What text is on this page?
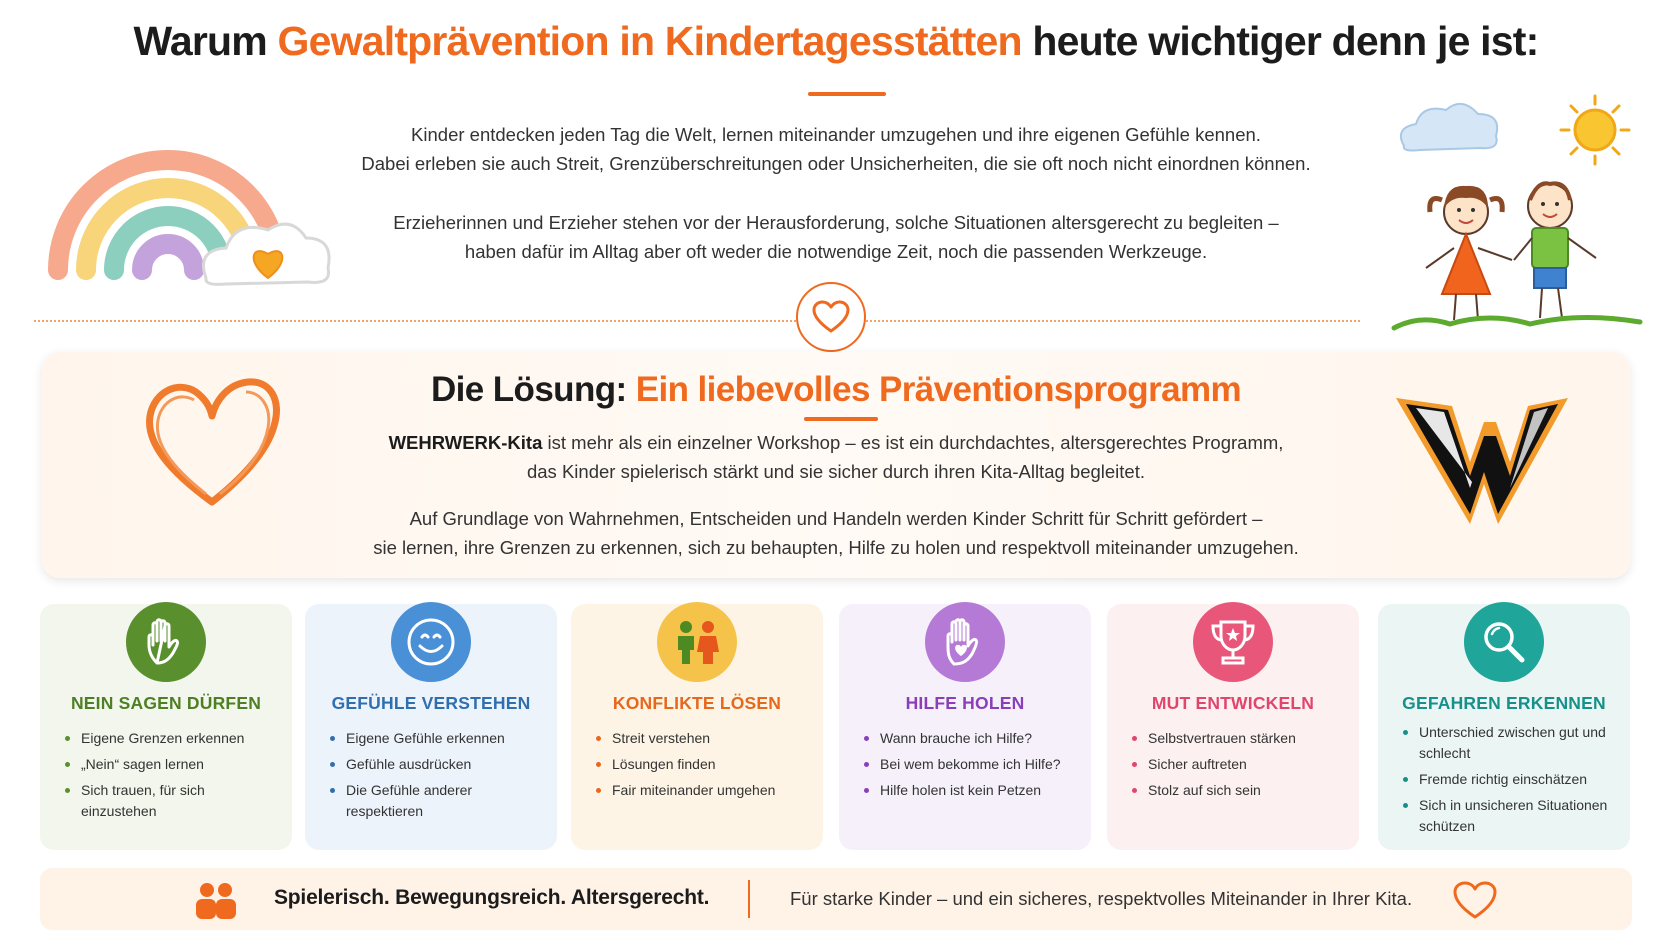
Warum Gewaltprävention in Kindertagesstätten heute wichtiger denn je ist:
Kinder entdecken jeden Tag die Welt, lernen miteinander umzugehen und ihre eigenen Gefühle kennen.
Dabei erleben sie auch Streit, Grenzüberschreitungen oder Unsicherheiten, die sie oft noch nicht einordnen können.
Erzieherinnen und Erzieher stehen vor der Herausforderung, solche Situationen altersgerecht zu begleiten –
haben dafür im Alltag aber oft weder die notwendige Zeit, noch die passenden Werkzeuge.
Die Lösung: Ein liebevolles Präventionsprogramm
WEHRWERK-Kita ist mehr als ein einzelner Workshop – es ist ein durchdachtes, altersgerechtes Programm,
das Kinder spielerisch stärkt und sie sicher durch ihren Kita-Alltag begleitet.
Auf Grundlage von Wahrnehmen, Entscheiden und Handeln werden Kinder Schritt für Schritt gefördert –
sie lernen, ihre Grenzen zu erkennen, sich zu behaupten, Hilfe zu holen und respektvoll miteinander umzugehen.
NEIN SAGEN DÜRFEN
Eigene Grenzen erkennen
„Nein“ sagen lernen
Sich trauen, für sich einzustehen
GEFÜHLE VERSTEHEN
Eigene Gefühle erkennen
Gefühle ausdrücken
Die Gefühle anderer respektieren
KONFLIKTE LÖSEN
Streit verstehen
Lösungen finden
Fair miteinander umgehen
HILFE HOLEN
Wann brauche ich Hilfe?
Bei wem bekomme ich Hilfe?
Hilfe holen ist kein Petzen
MUT ENTWICKELN
Selbstvertrauen stärken
Sicher auftreten
Stolz auf sich sein
GEFAHREN ERKENNEN
Unterschied zwischen gut und schlecht
Fremde richtig einschätzen
Sich in unsicheren Situationen schützen
Spielerisch. Bewegungsreich. Altersgerecht.	Für starke Kinder – und ein sicheres, respektvolles Miteinander in Ihrer Kita.
